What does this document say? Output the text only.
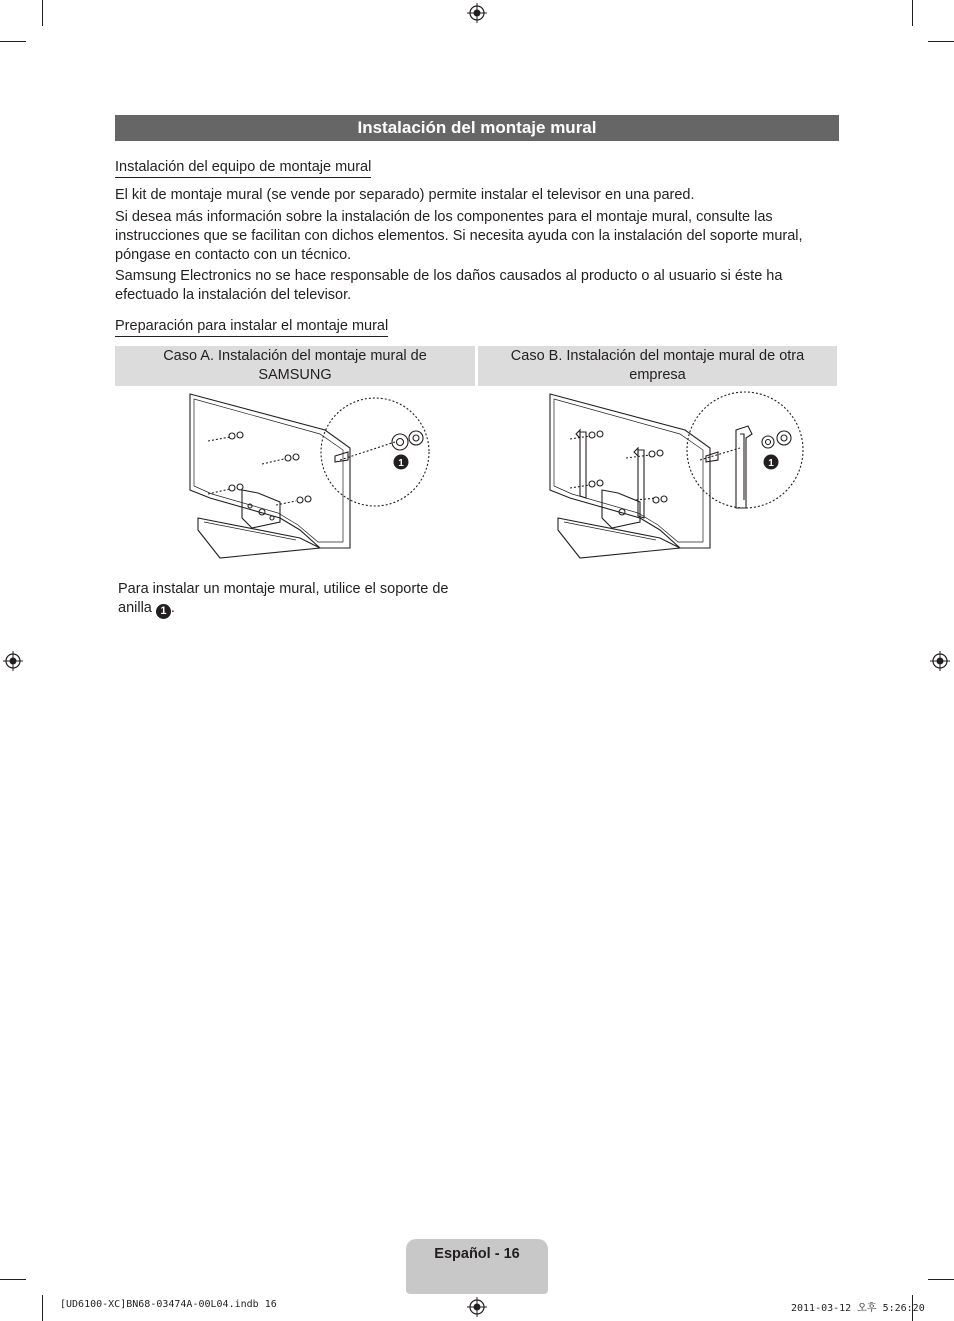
Instalación del montaje mural
Instalación del equipo de montaje mural

El kit de montaje mural (se vende por separado) permite instalar el televisor en una pared.

Si desea más información sobre la instalación de los componentes para el montaje mural, consulte las instrucciones que se facilitan con dichos elementos. Si necesita ayuda con la instalación del soporte mural, póngase en contacto con un técnico.

Samsung Electronics no se hace responsable de los daños causados al producto o al usuario si éste ha efectuado la instalación del televisor.

Preparación para instalar el montaje mural
Caso A. Instalación del montaje mural de SAMSUNG
Caso B. Instalación del montaje mural de otra empresa
1	1
Para instalar un montaje mural, utilice el soporte de anilla 1 .
Español - 16
[UD6100-XC]BN68-03474A-00L04.indb 16	2011-03-12 오후 5:26:20
